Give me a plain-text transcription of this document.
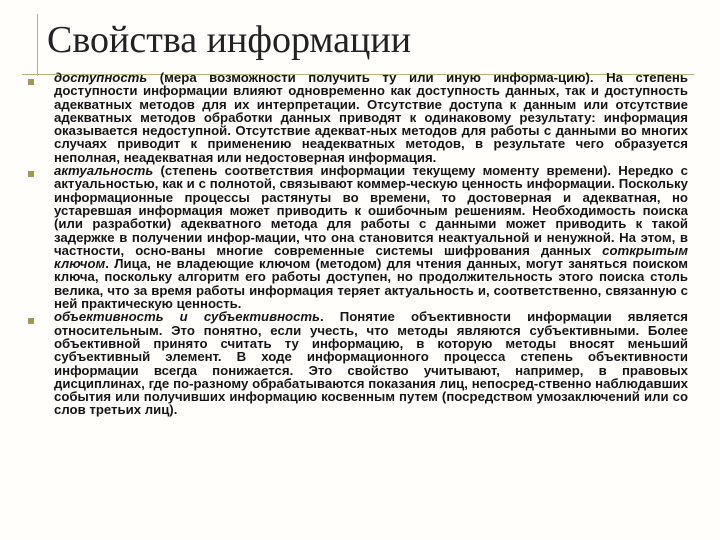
Свойства информации

доступность (мера возможности получить ту или иную информа-цию). На степень доступности информации влияют одновременно как доступность данных, так и доступность адекватных методов для их интерпретации. Отсутствие доступа к данным или отсутствие адекватных методов обработки данных приводят к одинаковому результату: информация оказывается недоступной. Отсутствие адекват-ных методов для работы с данными во многих случаях приводит к применению неадекватных методов, в результате чего образуется неполная, неадекватная или недостоверная информация.

актуальность (степень соответствия информации текущему моменту времени). Нередко с актуальностью, как и с полнотой, связывают коммер-ческую ценность информации. Поскольку информационные процессы растянуты во времени, то достоверная и адекватная, но устаревшая информация может приводить к ошибочным решениям. Необходимость поиска (или разработки) адекватного метода для работы с данными может приводить к такой задержке в получении инфор-мации, что она становится неактуальной и ненужной. На этом, в частности, осно-ваны многие современные системы шифрования данных сoткрытым ключом. Лица, не владеющие ключом (методом) для чтения данных, могут заняться поиском ключа, поскольку алгоритм его работы доступен, но продолжительность этого поиска столь велика, что за время работы информация теряет актуальность и, соответственно, связанную с ней практическую ценность.

объективность и субъективность. Понятие объективности информации является относительным. Это понятно, если учесть, что методы являются субъективными. Более объективной принято считать ту информацию, в которую методы вносят меньший субъективный элемент. В ходе информационного процесса степень объективности информации всегда понижается. Это свойство учитывают, например, в правовых дисциплинах, где по-разному обрабатываются показания лиц, непосред-ственно наблюдавших события или получивших информацию косвенным путем (посредством умозаключений или со слов третьих лиц).
